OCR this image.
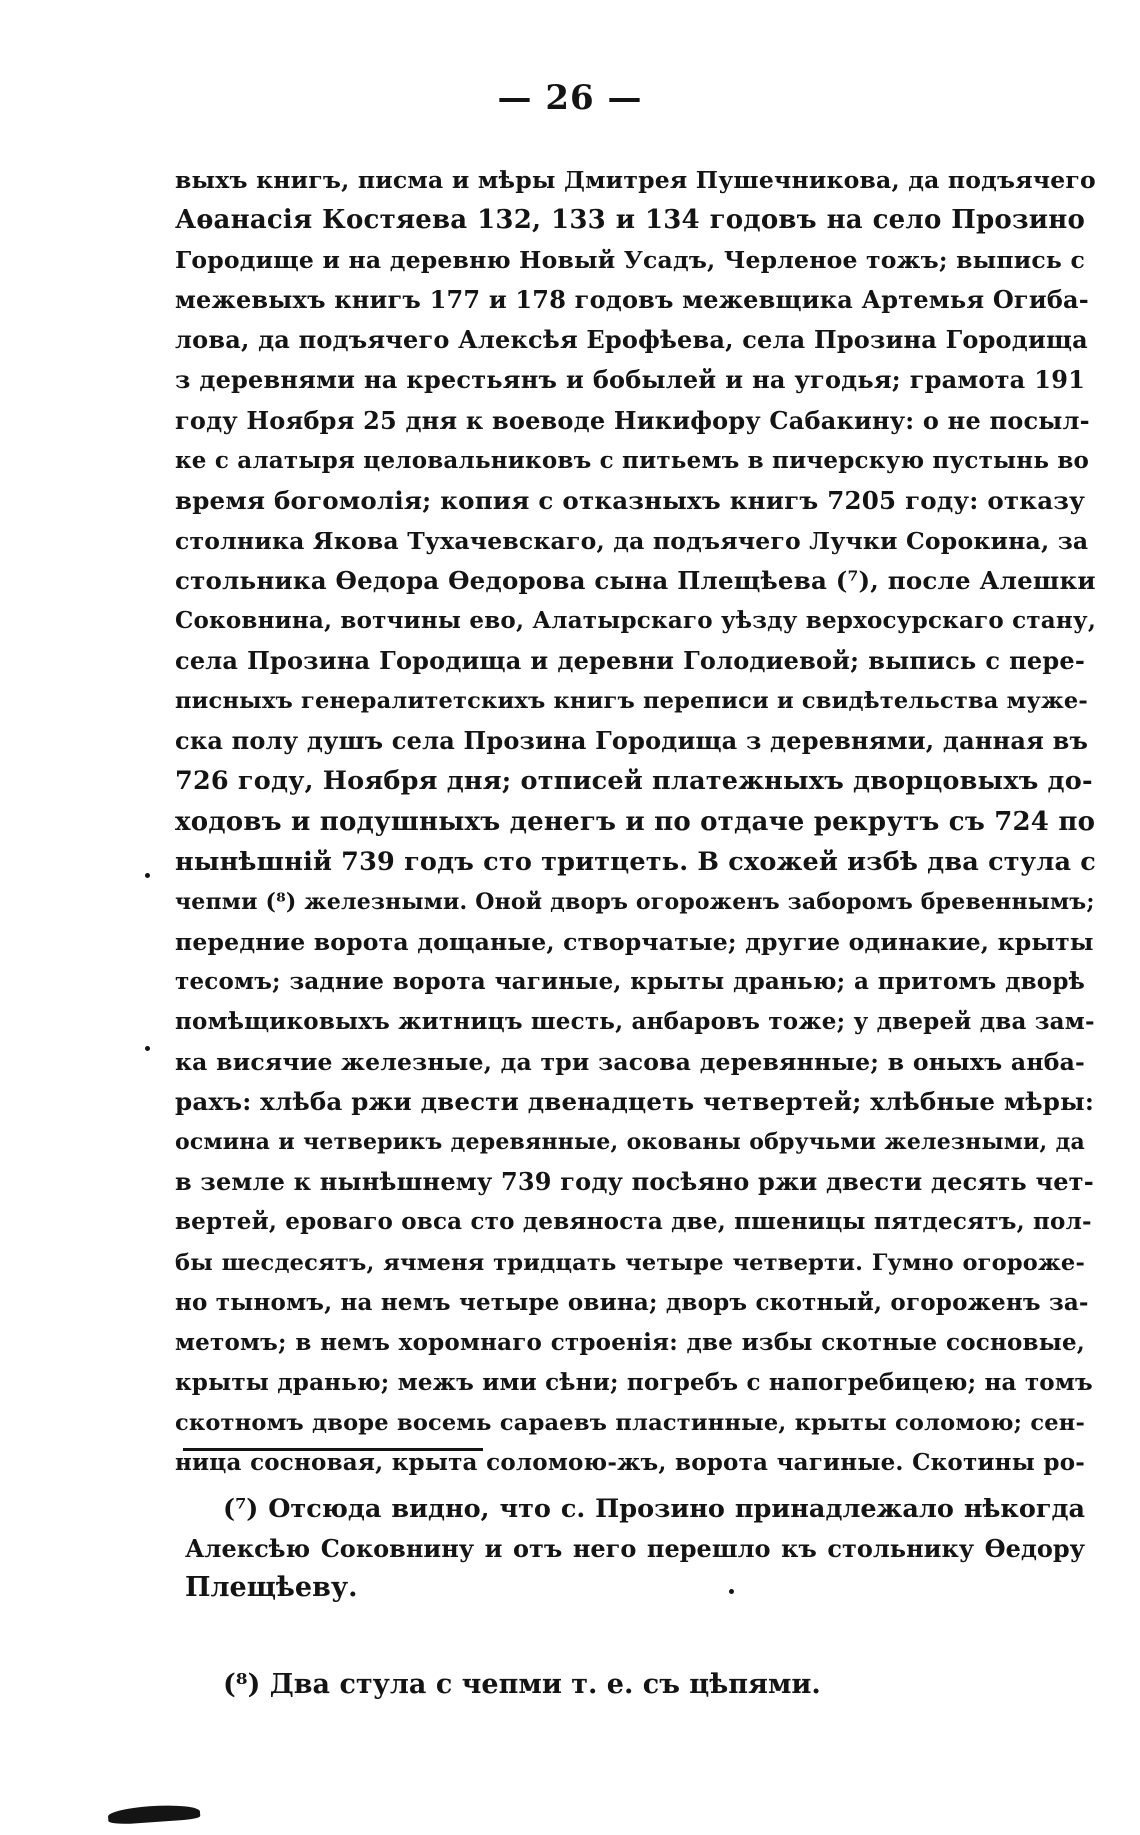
— 26 —
выхъ книгъ, писма и мѣры Дмитрея Пушечникова, да подъячего
Аѳанасія Костяева 132, 133 и 134 годовъ на село Прозино
Городище и на деревню Новый Усадъ, Черленое тожъ; выпись с
межевыхъ книгъ 177 и 178 годовъ межевщика Артемья Огибa-
лова, да подъячего Алексѣя Ерофѣева, села Прозина Городища
з деревнями на крестьянъ и бобылей и на угодья; грамота 191
году Ноября 25 дня к воеводе Никифору Сабакину: о не посыл-
ке с алатыря целовальниковъ с питьемъ в пичерскую пустынь во
время богомолія; копия с отказныхъ книгъ 7205 году: отказу
столника Якова Тухачевскаго, да подъячего Лучки Сорокина, за
стольника Ѳедора Ѳедорова сына Плещѣева (⁷), после Алешки
Соковнина, вотчины ево, Алатырскаго уѣзду верхосурскаго стану,
села Прозина Городища и деревни Голодиевой; выпись с пере-
писныхъ генералитетскихъ книгъ переписи и свидѣтельства муже-
ска полу душъ села Прозина Городища з деревнями, данная въ
726 году, Ноября дня; отписей платежныхъ дворцовыхъ до-
ходовъ и подушныхъ денегъ и по отдаче рекрутъ съ 724 по
нынѣшній 739 годъ сто тритцеть. В схожей избѣ два стула с
чепми (⁸) железными. Оной дворъ огороженъ заборомъ бревеннымъ;
передние ворота дощаные, створчатые; другие одинакие, крыты
тесомъ; задние ворота чагиные, крыты дранью; а притомъ дворѣ
помѣщиковыхъ житницъ шесть, анбаровъ тоже; у дверей два зам-
ка висячие железные, да три засова деревянные; в оныхъ анба-
рахъ: хлѣба ржи двести двенадцеть четвертей; хлѣбные мѣры:
осмина и четверикъ деревянные, окованы обручьми железными, да
в земле к нынѣшнему 739 году посѣяно ржи двести десять чет-
вертей, ероваго овса сто девяноста две, пшеницы пятдесятъ, пол-
бы шесдесятъ, ячменя тридцать четыре четверти. Гумно огороже-
но тыномъ, на немъ четыре овина; дворъ скотный, огороженъ за-
метомъ; в немъ хоромнаго строенія: две избы скотные сосновые,
крыты дранью; межъ ими сѣни; погребъ с напогребицею; на томъ
скотномъ дворе восемь сараевъ пластинные, крыты соломою; сен-
ница сосновая, крыта соломою-жъ, ворота чагиные. Скотины ро-
(⁷) Отсюда видно, что с. Прозино принадлежало нѣкогда
Алексѣю Соковнину и отъ него перешло къ стольнику Ѳедору
Плещѣеву.
(⁸) Два стула с чепми т. е. съ цѣпями.
